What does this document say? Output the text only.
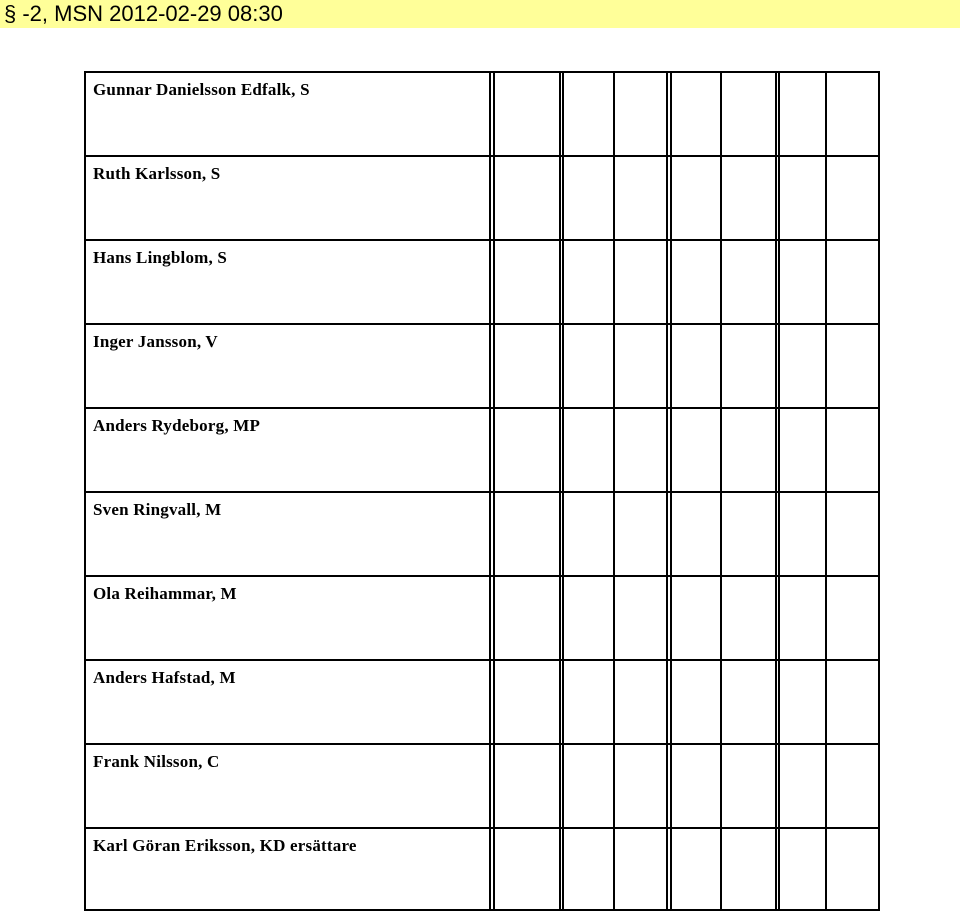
§ -2, MSN 2012-02-29 08:30
Gunnar Danielsson Edfalk, S
Ruth Karlsson, S
Hans Lingblom, S
Inger Jansson, V
Anders Rydeborg, MP
Sven Ringvall, M
Ola Reihammar, M
Anders Hafstad, M
Frank Nilsson, C
Karl Göran Eriksson, KD ersättare
